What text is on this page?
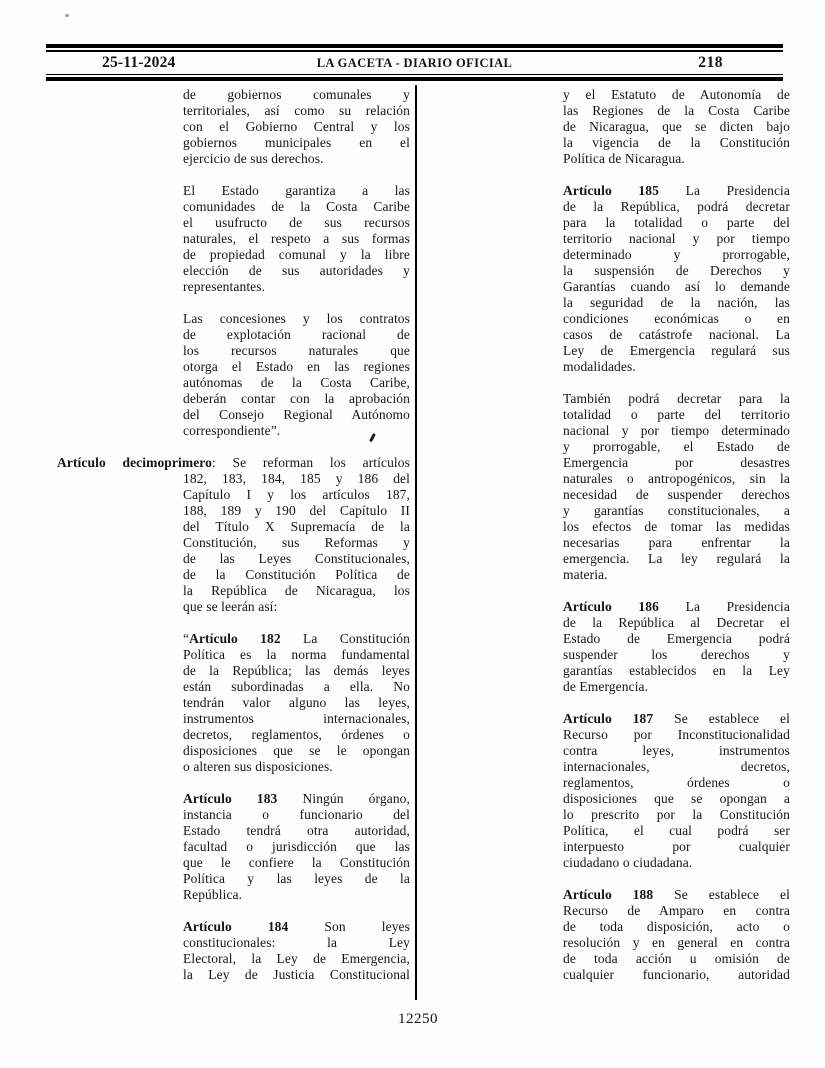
25-11-2024	LA GACETA - DIARIO OFICIAL	218
de gobiernos comunales y
territoriales, así como su relación
con el Gobierno Central y los
gobiernos municipales en el
ejercicio de sus derechos.
El Estado garantiza a las
comunidades de la Costa Caribe
el usufructo de sus recursos
naturales, el respeto a sus formas
de propiedad comunal y la libre
elección de sus autoridades y
representantes.
Las concesiones y los contratos
de explotación racional de
los recursos naturales que
otorga el Estado en las regiones
autónomas de la Costa Caribe,
deberán contar con la aprobación
del Consejo Regional Autónomo
correspondiente”.
Artículo decimoprimero: Se reforman los artículos
182, 183, 184, 185 y 186 del
Capítulo I y los artículos 187,
188, 189 y 190 del Capítulo II
del Título X Supremacía de la
Constitución, sus Reformas y
de las Leyes Constitucionales,
de la Constitución Política de
la República de Nicaragua, los
que se leerán así:
“Artículo 182 La Constitución
Política es la norma fundamental
de la República; las demás leyes
están subordinadas a ella. No
tendrán valor alguno las leyes,
instrumentos internacionales,
decretos, reglamentos, órdenes o
disposiciones que se le opongan
o alteren sus disposiciones.
Artículo 183 Ningún órgano,
instancia o funcionario del
Estado tendrá otra autoridad,
facultad o jurisdicción que las
que le confiere la Constitución
Política y las leyes de la
República.
Artículo 184 Son leyes
constitucionales: la Ley
Electoral, la Ley de Emergencia,
la Ley de Justicia Constitucional
y el Estatuto de Autonomía de
las Regiones de la Costa Caribe
de Nicaragua, que se dicten bajo
la vigencia de la Constitución
Política de Nicaragua.
Artículo 185 La Presidencia
de la República, podrá decretar
para la totalidad o parte del
territorio nacional y por tiempo
determinado y prorrogable,
la suspensión de Derechos y
Garantías cuando así lo demande
la seguridad de la nación, las
condiciones económicas o en
casos de catástrofe nacional. La
Ley de Emergencia regulará sus
modalidades.
También podrá decretar para la
totalidad o parte del territorio
nacional y por tiempo determinado
y prorrogable, el Estado de
Emergencia por desastres
naturales o antropogénicos, sin la
necesidad de suspender derechos
y garantías constitucionales, a
los efectos de tomar las medidas
necesarias para enfrentar la
emergencia. La ley regulará la
materia.
Artículo 186 La Presidencia
de la República al Decretar el
Estado de Emergencia podrá
suspender los derechos y
garantías establecidos en la Ley
de Emergencia.
Artículo 187 Se establece el
Recurso por Inconstitucionalidad
contra leyes, instrumentos
internacionales, decretos,
reglamentos, órdenes o
disposiciones que se opongan a
lo prescrito por la Constitución
Política, el cual podrá ser
interpuesto por cualquier
ciudadano o ciudadana.
Artículo 188 Se establece el
Recurso de Amparo en contra
de toda disposición, acto o
resolución y en general en contra
de toda acción u omisión de
cualquier funcionario, autoridad
12250
